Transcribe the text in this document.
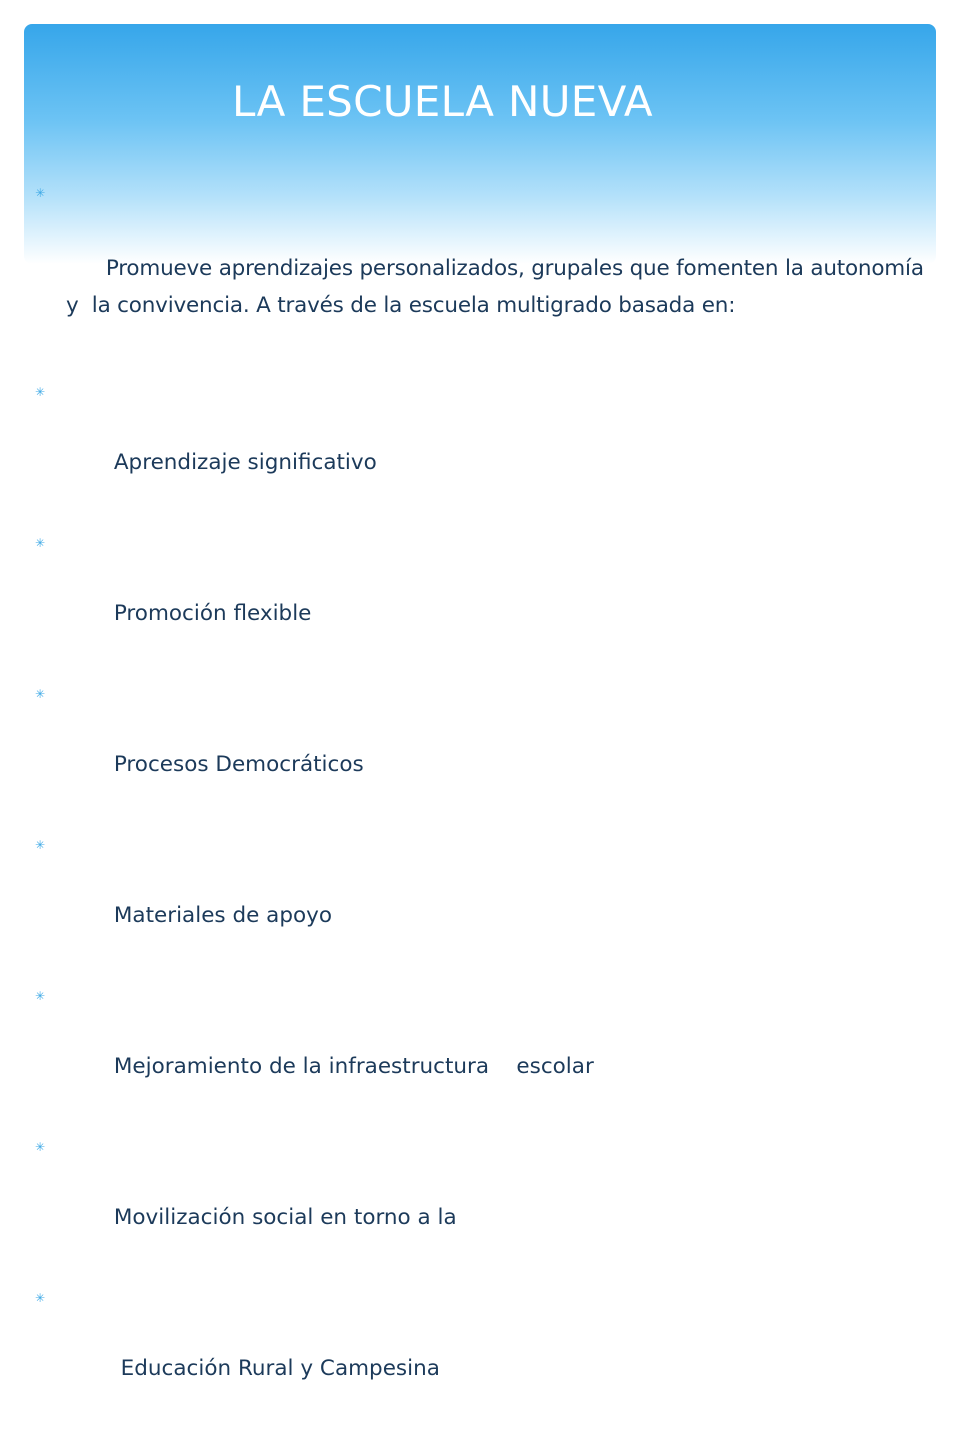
LA ESCUELA NUEVA

✳

Promueve aprendizajes personalizados, grupales que fomenten la autonomía y  la convivencia. A través de la escuela multigrado basada en:

✳

Aprendizaje significativo

✳

Promoción flexible

✳

Procesos Democráticos

✳

Materiales de apoyo

✳

Mejoramiento de la infraestructura    escolar

✳

Movilización social en torno a la

✳

Educación Rural y Campesina
